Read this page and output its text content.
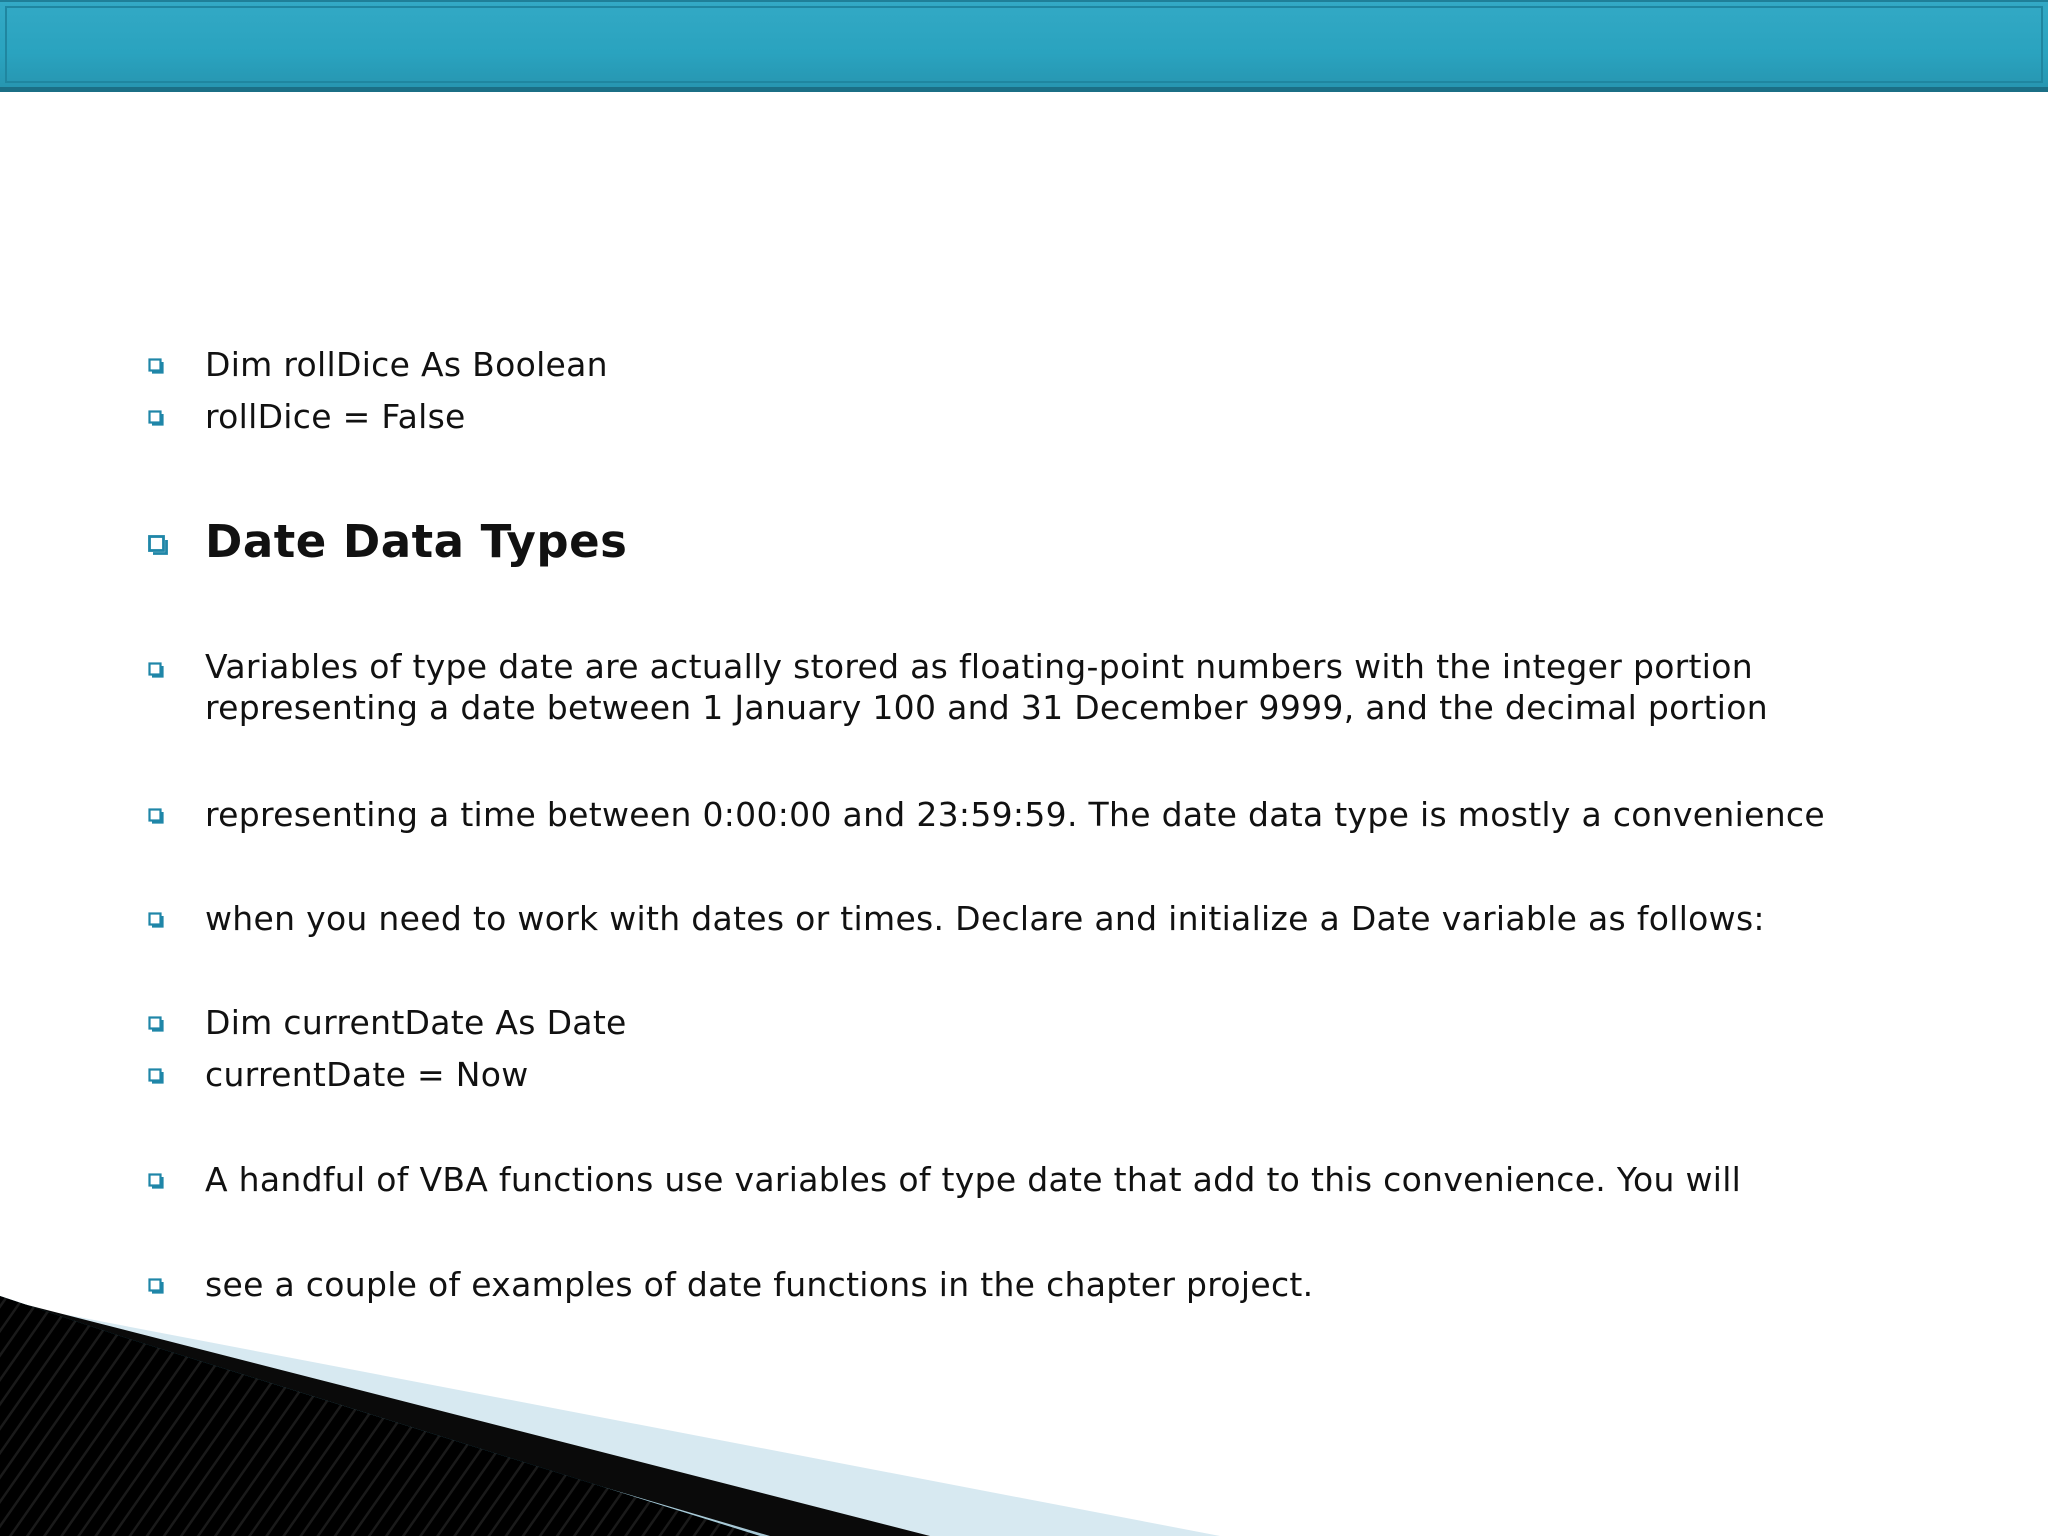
Dim rollDice As Boolean
rollDice = False
Date Data Types
Variables of type date are actually stored as floating-point numbers with the integer portion
representing a date between 1 January 100 and 31 December 9999, and the decimal portion
representing a time between 0:00:00 and 23:59:59. The date data type is mostly a convenience
when you need to work with dates or times. Declare and initialize a Date variable as follows:
Dim currentDate As Date
currentDate = Now
A handful of VBA functions use variables of type date that add to this convenience. You will
see a couple of examples of date functions in the chapter project.
